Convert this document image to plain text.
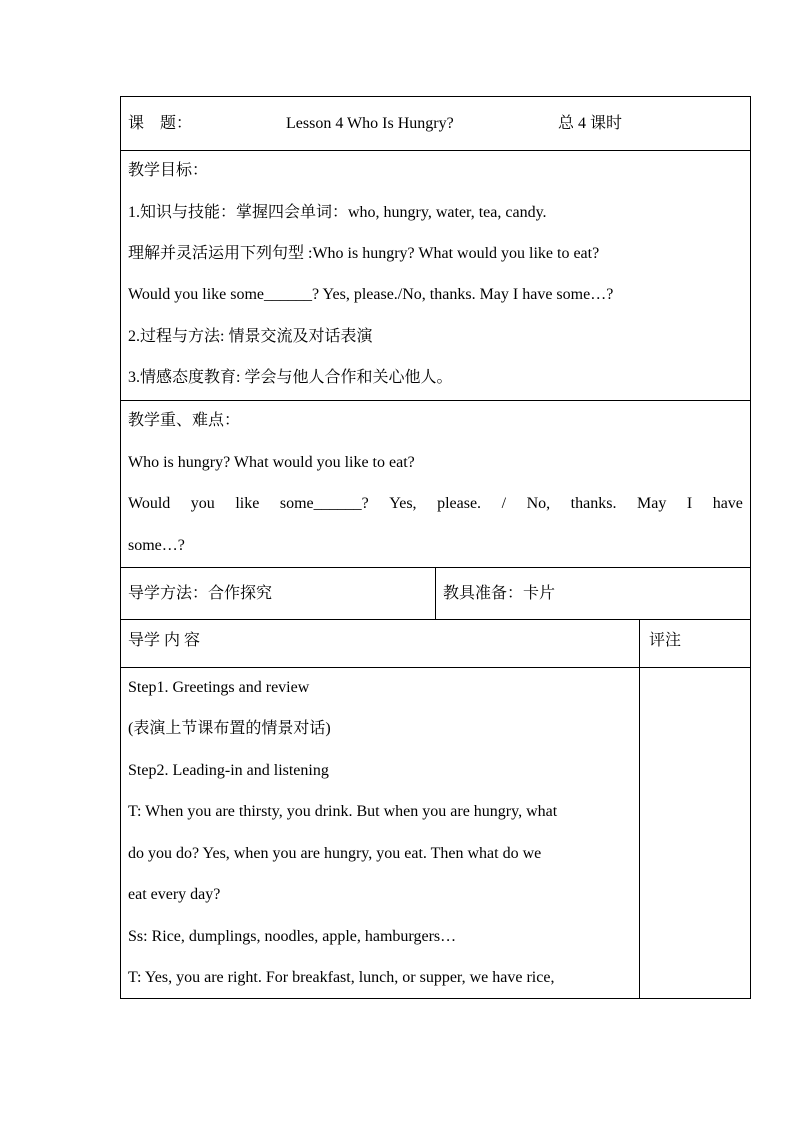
课　题：	Lesson 4 Who Is Hungry?	总 4 课时
教学目标：
1.知识与技能：掌握四会单词：who, hungry, water, tea, candy.
理解并灵活运用下列句型 :Who is hungry? What would you like to eat?
Would you like some______? Yes, please./No, thanks. May I have some…?
2.过程与方法: 情景交流及对话表演
3.情感态度教育: 学会与他人合作和关心他人。
教学重、难点：
Who is hungry? What would you like to eat?
Would you like some______? Yes, please. / No, thanks. May I have
some…?
导学方法：合作探究	教具准备：卡片
导学 内 容	评注
Step1. Greetings and review
(表演上节课布置的情景对话)
Step2. Leading-in and listening
T: When you are thirsty, you drink. But when you are hungry, what
do you do? Yes, when you are hungry, you eat. Then what do we
eat every day?
Ss: Rice, dumplings, noodles, apple, hamburgers…
T: Yes, you are right. For breakfast, lunch, or supper, we have rice,
